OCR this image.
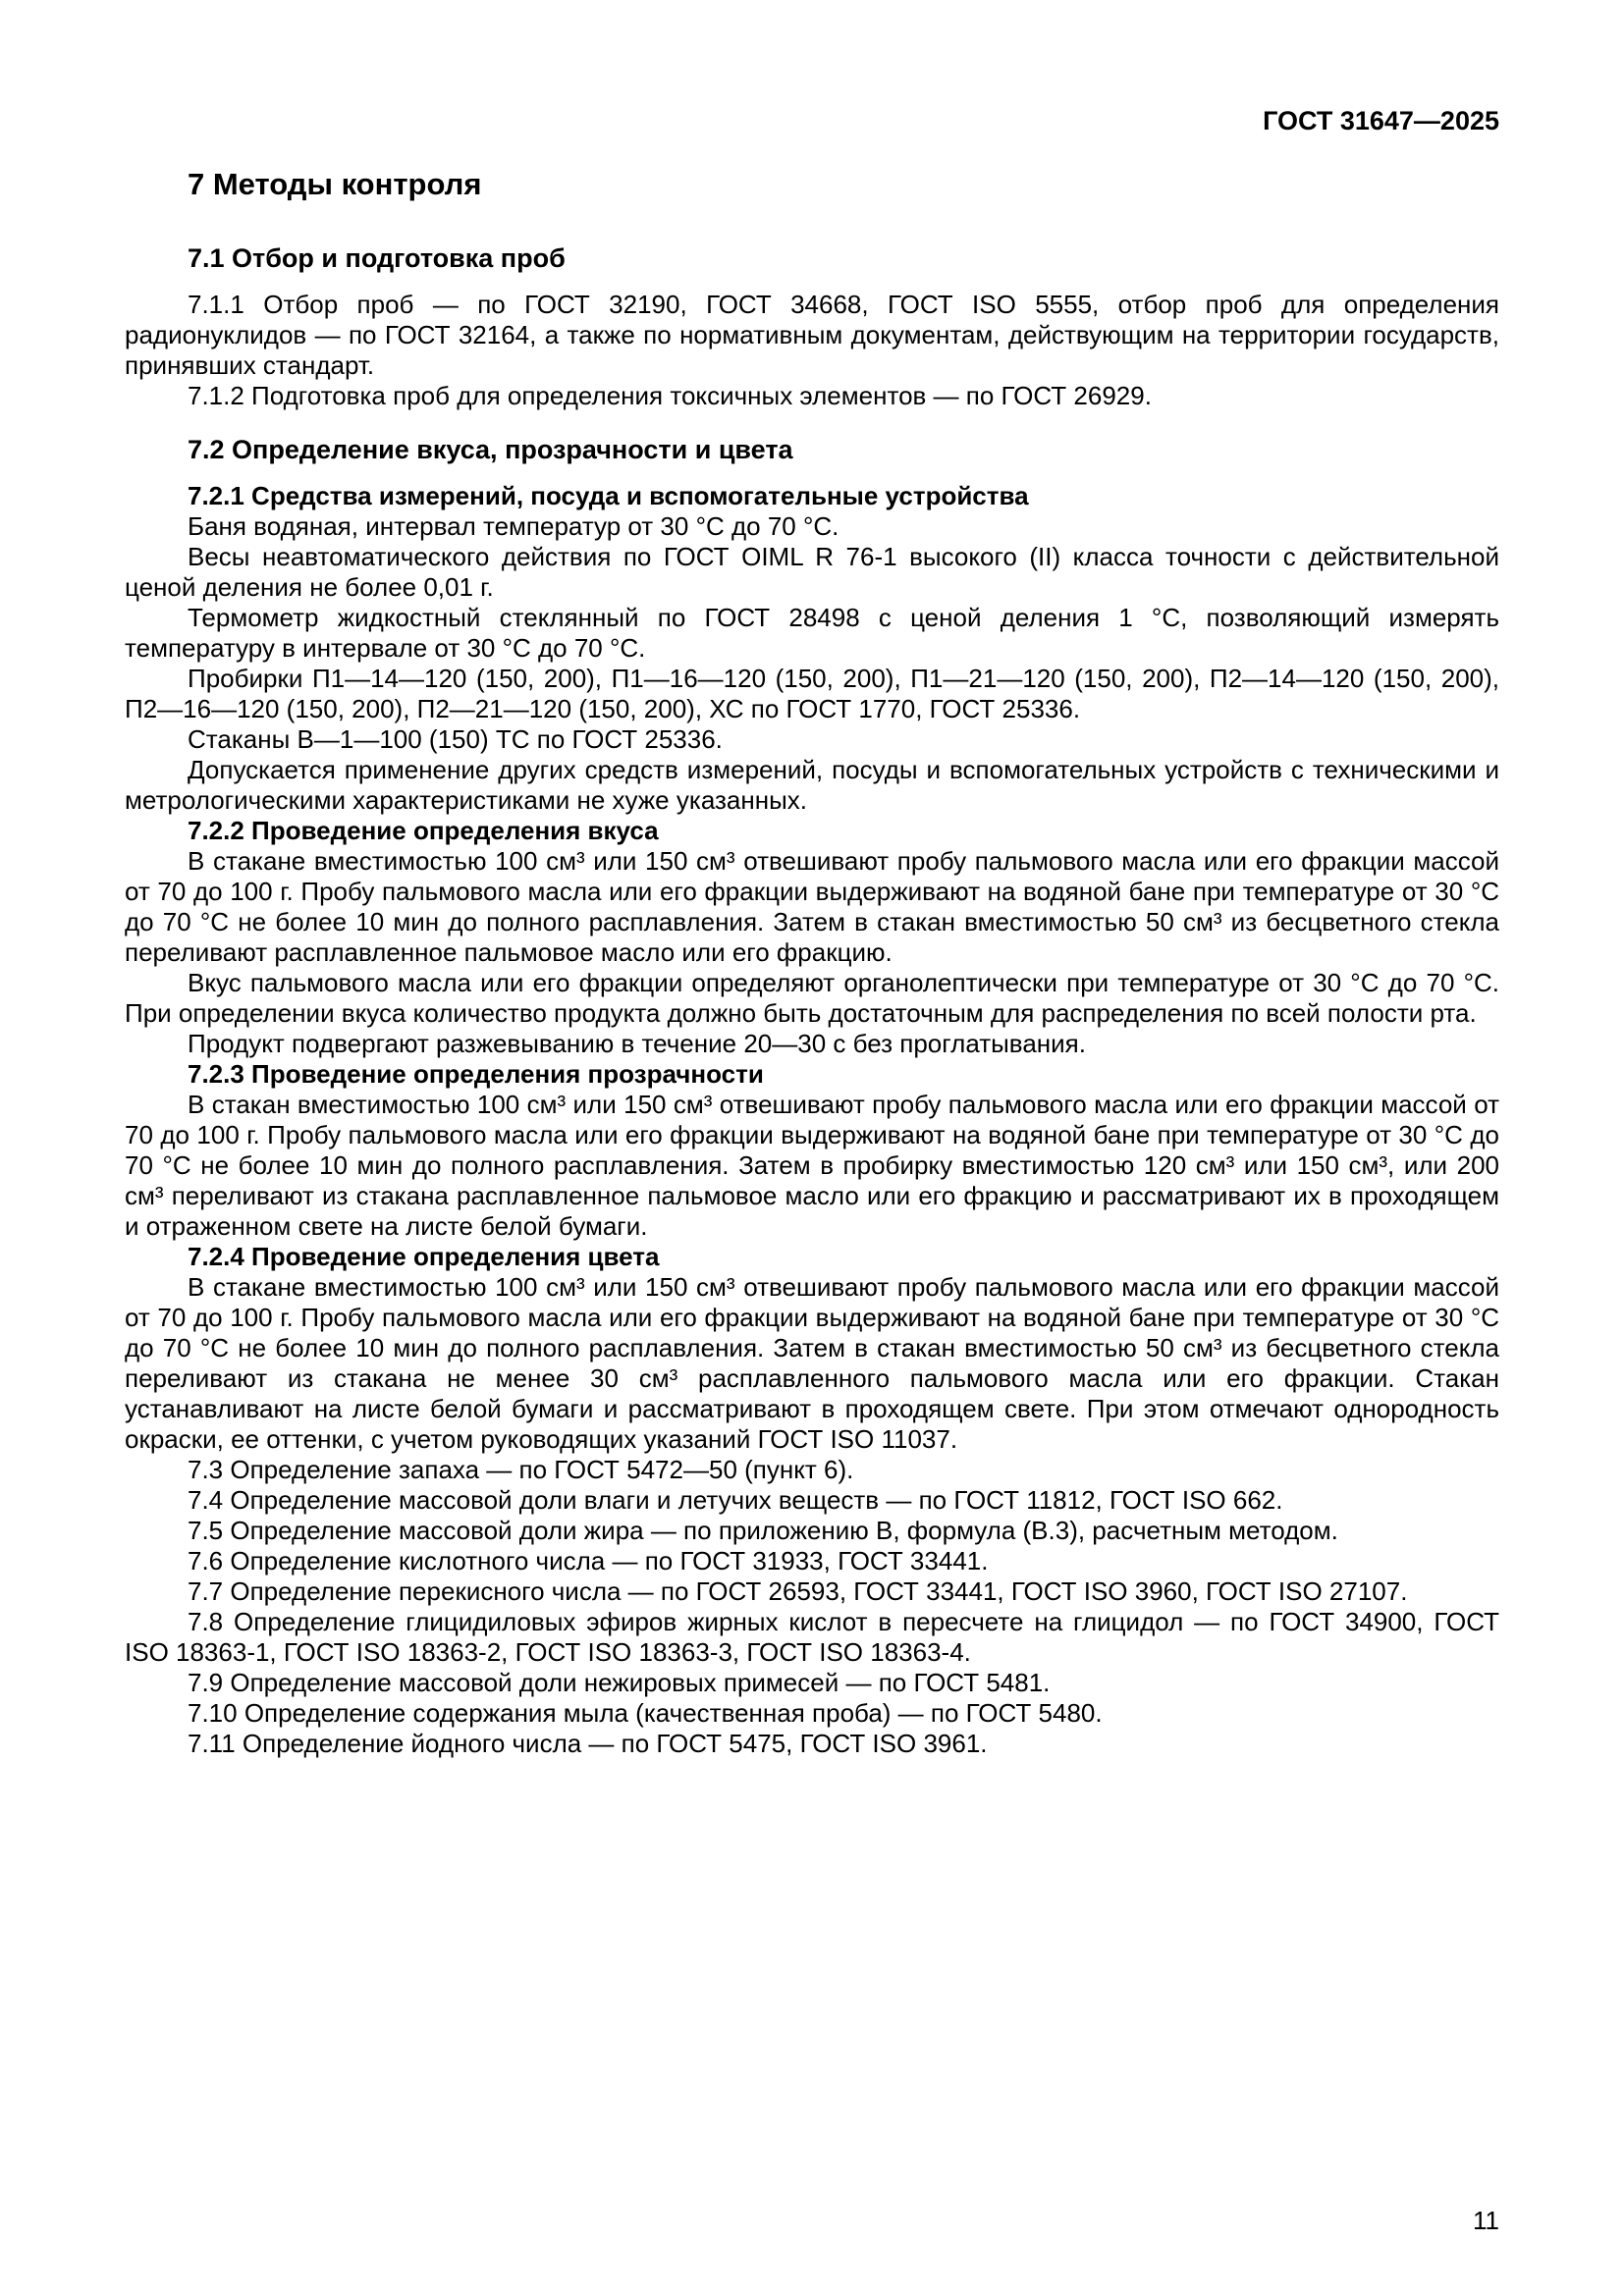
ГОСТ 31647—2025
7 Методы контроля
7.1 Отбор и подготовка проб

7.1.1 Отбор проб — по ГОСТ 32190, ГОСТ 34668, ГОСТ ISO 5555, отбор проб для определения радионуклидов — по ГОСТ 32164, а также по нормативным документам, действующим на территории государств, принявших стандарт.

7.1.2 Подготовка проб для определения токсичных элементов — по ГОСТ 26929.

7.2 Определение вкуса, прозрачности и цвета
7.2.1 Средства измерений, посуда и вспомогательные устройства

Баня водяная, интервал температур от 30 °С до 70 °С.

Весы неавтоматического действия по ГОСТ OIML R 76-1 высокого (II) класса точности с действительной ценой деления не более 0,01 г.

Термометр жидкостный стеклянный по ГОСТ 28498 с ценой деления 1 °С, позволяющий измерять температуру в интервале от 30 °С до 70 °С.

Пробирки П1—14—120 (150, 200), П1—16—120 (150, 200), П1—21—120 (150, 200), П2—14—120 (150, 200), П2—16—120 (150, 200), П2—21—120 (150, 200), ХС по ГОСТ 1770, ГОСТ 25336.

Стаканы В—1—100 (150) ТС по ГОСТ 25336.

Допускается применение других средств измерений, посуды и вспомогательных устройств с техническими и метрологическими характеристиками не хуже указанных.

7.2.2 Проведение определения вкуса

В стакане вместимостью 100 см³ или 150 см³ отвешивают пробу пальмового масла или его фракции массой от 70 до 100 г. Пробу пальмового масла или его фракции выдерживают на водяной бане при температуре от 30 °С до 70 °С не более 10 мин до полного расплавления. Затем в стакан вместимостью 50 см³ из бесцветного стекла переливают расплавленное пальмовое масло или его фракцию.

Вкус пальмового масла или его фракции определяют органолептически при температуре от 30 °С до 70 °С. При определении вкуса количество продукта должно быть достаточным для распределения по всей полости рта.

Продукт подвергают разжевыванию в течение 20—30 с без проглатывания.

7.2.3 Проведение определения прозрачности

В стакан вместимостью 100 см³ или 150 см³ отвешивают пробу пальмового масла или его фракции массой от 70 до 100 г. Пробу пальмового масла или его фракции выдерживают на водяной бане при температуре от 30 °С до 70 °С не более 10 мин до полного расплавления. Затем в пробирку вместимостью 120 см³ или 150 см³, или 200 см³ переливают из стакана расплавленное пальмовое масло или его фракцию и рассматривают их в проходящем и отраженном свете на листе белой бумаги.

7.2.4 Проведение определения цвета

В стакане вместимостью 100 см³ или 150 см³ отвешивают пробу пальмового масла или его фракции массой от 70 до 100 г. Пробу пальмового масла или его фракции выдерживают на водяной бане при температуре от 30 °С до 70 °С не более 10 мин до полного расплавления. Затем в стакан вместимостью 50 см³ из бесцветного стекла переливают из стакана не менее 30 см³ расплавленного пальмового масла или его фракции. Стакан устанавливают на листе белой бумаги и рассматривают в проходящем свете. При этом отмечают однородность окраски, ее оттенки, с учетом руководящих указаний ГОСТ ISO 11037.

7.3 Определение запаха — по ГОСТ 5472—50 (пункт 6).

7.4 Определение массовой доли влаги и летучих веществ — по ГОСТ 11812, ГОСТ ISO 662.

7.5 Определение массовой доли жира — по приложению В, формула (В.3), расчетным методом.

7.6 Определение кислотного числа — по ГОСТ 31933, ГОСТ 33441.

7.7 Определение перекисного числа — по ГОСТ 26593, ГОСТ 33441, ГОСТ ISO 3960, ГОСТ ISO 27107.

7.8 Определение глицидиловых эфиров жирных кислот в пересчете на глицидол — по ГОСТ 34900, ГОСТ ISO 18363-1, ГОСТ ISO 18363-2, ГОСТ ISO 18363-3, ГОСТ ISO 18363-4.

7.9 Определение массовой доли нежировых примесей — по ГОСТ 5481.

7.10 Определение содержания мыла (качественная проба) — по ГОСТ 5480.

7.11 Определение йодного числа — по ГОСТ 5475, ГОСТ ISO 3961.

11
